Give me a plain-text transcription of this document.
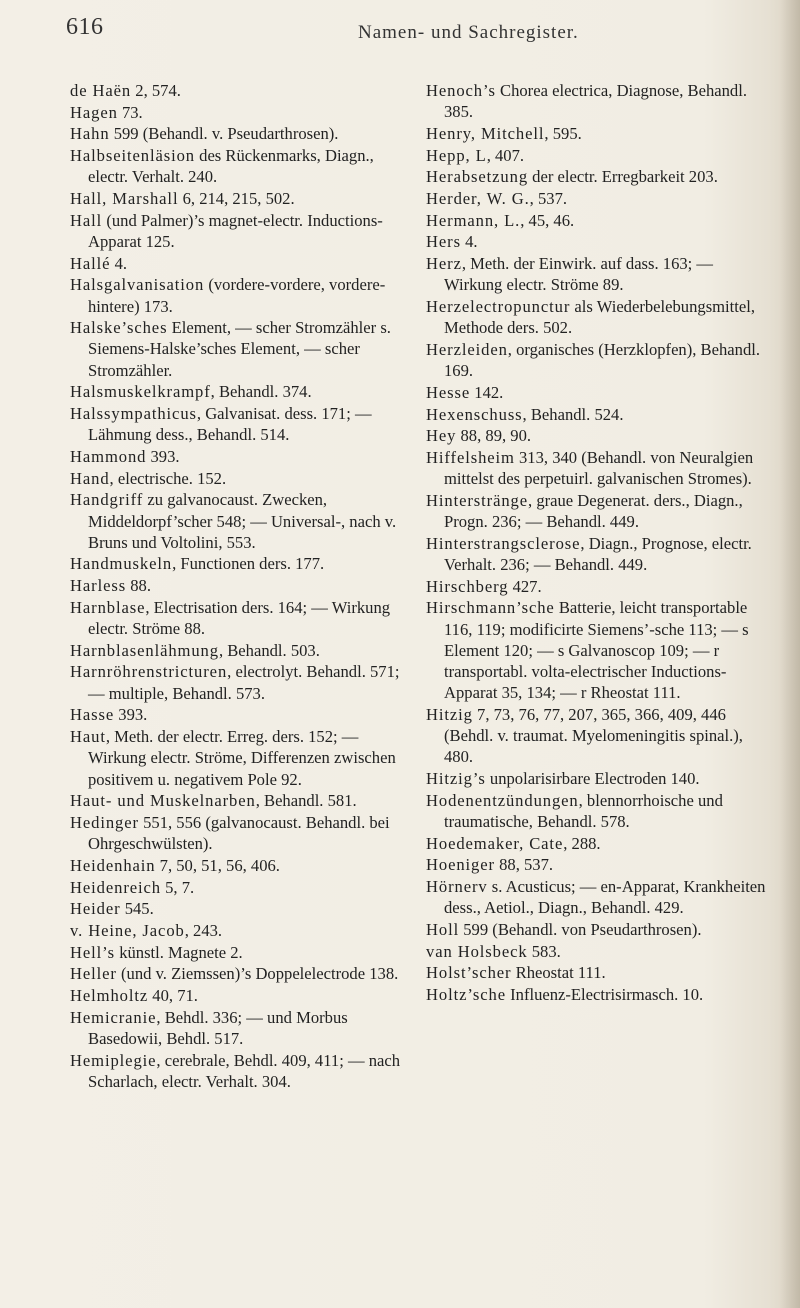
616	Namen- und Sachregister.
de Haën 2, 574.
Hagen 73.
Hahn 599 (Behandl. v. Pseudarthrosen).
Halbseitenläsion des Rückenmarks, Diagn., electr. Verhalt. 240.
Hall, Marshall 6, 214, 215, 502.
Hall (und Palmer)’s magnet-electr. Inductions-Apparat 125.
Hallé 4.
Halsgalvanisation (vordere-vordere, vordere-hintere) 173.
Halske’sches Element, — scher Stromzähler s. Siemens-Halske’sches Element, — scher Stromzähler.
Halsmuskelkrampf, Behandl. 374.
Halssympathicus, Galvanisat. dess. 171; — Lähmung dess., Behandl. 514.
Hammond 393.
Hand, electrische. 152.
Handgriff zu galvanocaust. Zwecken, Middeldorpf’scher 548; — Universal-, nach v. Bruns und Voltolini, 553.
Handmuskeln, Functionen ders. 177.
Harless 88.
Harnblase, Electrisation ders. 164; — Wirkung electr. Ströme 88.
Harnblasenlähmung, Behandl. 503.
Harnröhrenstricturen, electrolyt. Behandl. 571; — multiple, Behandl. 573.
Hasse 393.
Haut, Meth. der electr. Erreg. ders. 152; — Wirkung electr. Ströme, Differenzen zwischen positivem u. negativem Pole 92.
Haut- und Muskelnarben, Behandl. 581.
Hedinger 551, 556 (galvanocaust. Behandl. bei Ohrgeschwülsten).
Heidenhain 7, 50, 51, 56, 406.
Heidenreich 5, 7.
Heider 545.
v. Heine, Jacob, 243.
Hell’s künstl. Magnete 2.
Heller (und v. Ziemssen)’s Doppelelectrode 138.
Helmholtz 40, 71.
Hemicranie, Behdl. 336; — und Morbus Basedowii, Behdl. 517.
Hemiplegie, cerebrale, Behdl. 409, 411; — nach Scharlach, electr. Verhalt. 304.
Henoch’s Chorea electrica, Diagnose, Behandl. 385.
Henry, Mitchell, 595.
Hepp, L, 407.
Herabsetzung der electr. Erregbarkeit 203.
Herder, W. G., 537.
Hermann, L., 45, 46.
Hers 4.
Herz, Meth. der Einwirk. auf dass. 163; — Wirkung electr. Ströme 89.
Herzelectropunctur als Wiederbelebungsmittel, Methode ders. 502.
Herzleiden, organisches (Herzklopfen), Behandl. 169.
Hesse 142.
Hexenschuss, Behandl. 524.
Hey 88, 89, 90.
Hiffelsheim 313, 340 (Behandl. von Neuralgien mittelst des perpetuirl. galvanischen Stromes).
Hinterstränge, graue Degenerat. ders., Diagn., Progn. 236; — Behandl. 449.
Hinterstrangsclerose, Diagn., Prognose, electr. Verhalt. 236; — Behandl. 449.
Hirschberg 427.
Hirschmann’sche Batterie, leicht transportable 116, 119; modificirte Siemens’-sche 113; — s Element 120; — s Galvanoscop 109; — r transportabl. volta-electrischer Inductions-Apparat 35, 134; — r Rheostat 111.
Hitzig 7, 73, 76, 77, 207, 365, 366, 409, 446 (Behdl. v. traumat. Myelomeningitis spinal.), 480.
Hitzig’s unpolarisirbare Electroden 140.
Hodenentzündungen, blennorrhoische und traumatische, Behandl. 578.
Hoedemaker, Cate, 288.
Hoeniger 88, 537.
Hörnerv s. Acusticus; — en-Apparat, Krankheiten dess., Aetiol., Diagn., Behandl. 429.
Holl 599 (Behandl. von Pseudarthrosen).
van Holsbeck 583.
Holst’scher Rheostat 111.
Holtz’sche Influenz-Electrisirmasch. 10.
